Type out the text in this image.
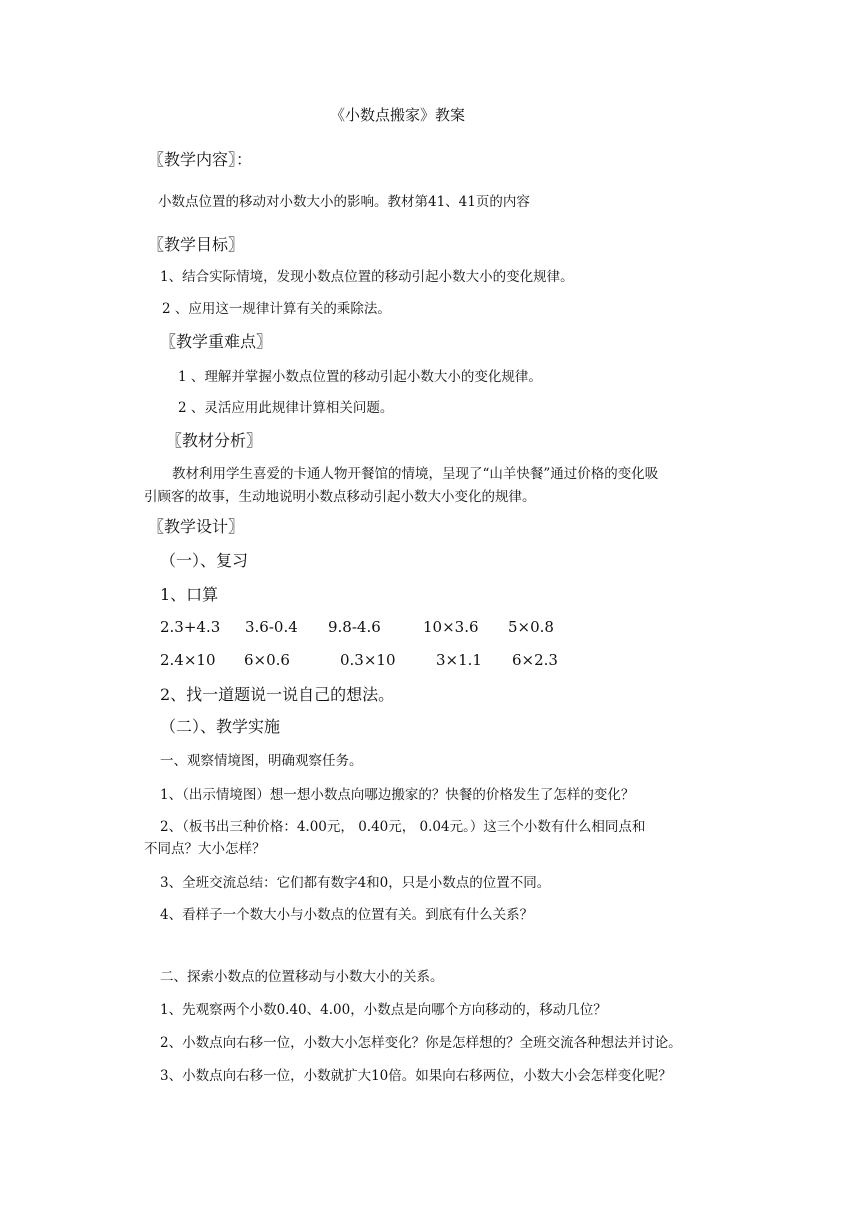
《小数点搬家》教案
〖教学内容〗：
小数点位置的移动对小数大小的影响。教材第41、41页的内容
〖教学目标〗
1、结合实际情境，发现小数点位置的移动引起小数大小的变化规律。
2 、应用这一规律计算有关的乘除法。
〖教学重难点〗
1 、理解并掌握小数点位置的移动引起小数大小的变化规律。
2 、灵活应用此规律计算相关问题。
〖教材分析〗
教材利用学生喜爱的卡通人物开餐馆的情境，呈现了“山羊快餐”通过价格的变化吸
引顾客的故事，生动地说明小数点移动引起小数大小变化的规律。
〖教学设计〗
（一）、复习
1、口算
2.3+4.3 3.6-0.4 9.8-4.6	10×3.6 5×0.8
2.4×10 6×0.6	0.3×10	3×1.1 6×2.3
2、找一道题说一说自己的想法。
（二）、教学实施
一、观察情境图，明确观察任务。
1、（出示情境图）想一想小数点向哪边搬家的？快餐的价格发生了怎样的变化？
2、（板书出三种价格：4.00元， 0.40元， 0.04元。）这三个小数有什么相同点和
不同点？大小怎样？
3、全班交流总结：它们都有数字4和0，只是小数点的位置不同。
4、看样子一个数大小与小数点的位置有关。到底有什么关系？
二、探索小数点的位置移动与小数大小的关系。
1、先观察两个小数0.40、4.00，小数点是向哪个方向移动的，移动几位？
2、小数点向右移一位，小数大小怎样变化？你是怎样想的？全班交流各种想法并讨论。
3、小数点向右移一位，小数就扩大10倍。如果向右移两位，小数大小会怎样变化呢？
